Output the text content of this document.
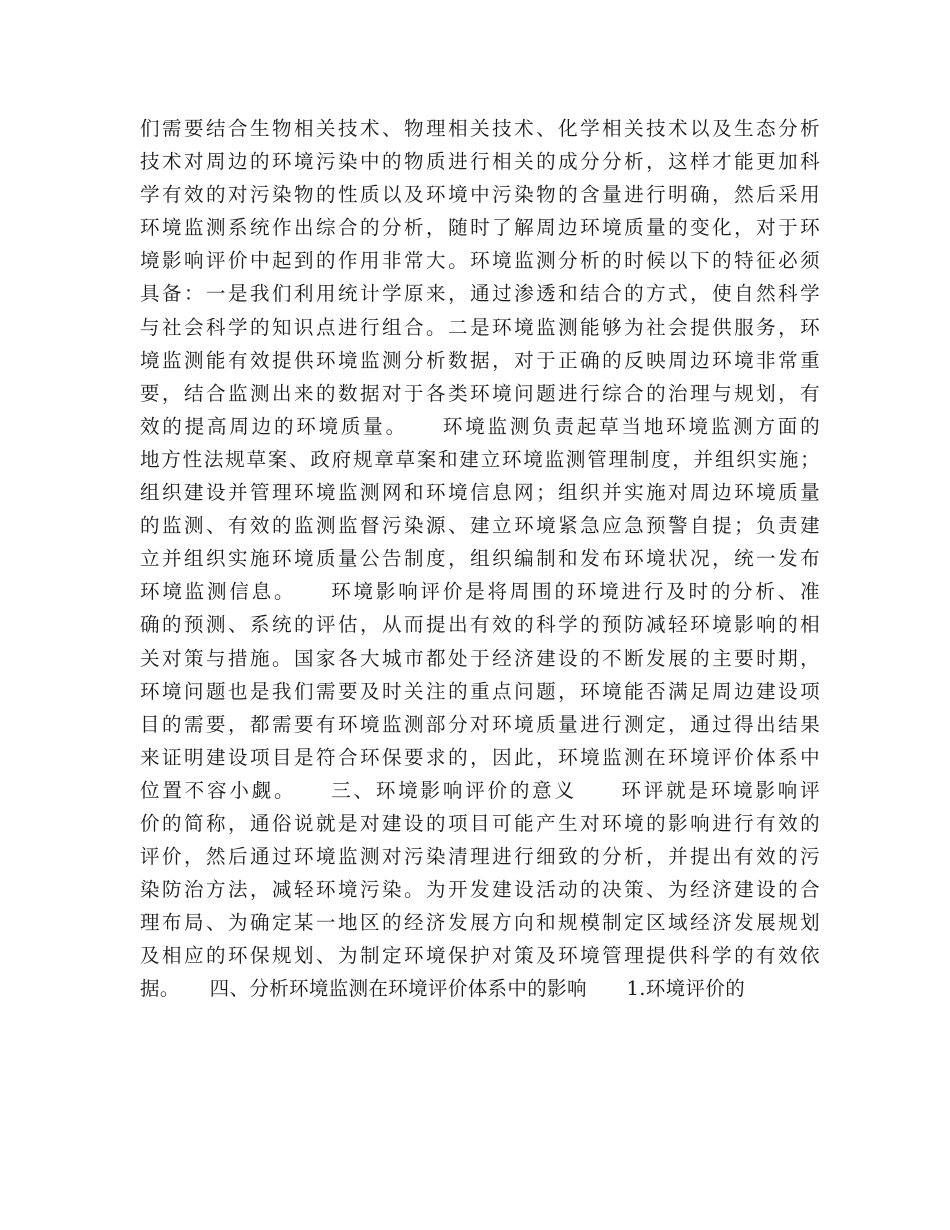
们需要结合生物相关技术、物理相关技术、化学相关技术以及生态分析
技术对周边的环境污染中的物质进行相关的成分分析，这样才能更加科
学有效的对污染物的性质以及环境中污染物的含量进行明确，然后采用
环境监测系统作出综合的分析，随时了解周边环境质量的变化，对于环
境影响评价中起到的作用非常大。环境监测分析的时候以下的特征必须
具备：一是我们利用统计学原来，通过渗透和结合的方式，使自然科学
与社会科学的知识点进行组合。二是环境监测能够为社会提供服务，环
境监测能有效提供环境监测分析数据，对于正确的反映周边环境非常重
要，结合监测出来的数据对于各类环境问题进行综合的治理与规划，有
效的提高周边的环境质量。　　环境监测负责起草当地环境监测方面的
地方性法规草案、政府规章草案和建立环境监测管理制度，并组织实施；
组织建设并管理环境监测网和环境信息网；组织并实施对周边环境质量
的监测、有效的监测监督污染源、建立环境紧急应急预警自提；负责建
立并组织实施环境质量公告制度，组织编制和发布环境状况，统一发布
环境监测信息。　　环境影响评价是将周围的环境进行及时的分析、准
确的预测、系统的评估，从而提出有效的科学的预防减轻环境影响的相
关对策与措施。国家各大城市都处于经济建设的不断发展的主要时期，
环境问题也是我们需要及时关注的重点问题，环境能否满足周边建设项
目的需要，都需要有环境监测部分对环境质量进行测定，通过得出结果
来证明建设项目是符合环保要求的，因此，环境监测在环境评价体系中
位置不容小觑。　　三、环境影响评价的意义　　环评就是环境影响评
价的简称，通俗说就是对建设的项目可能产生对环境的影响进行有效的
评价，然后通过环境监测对污染清理进行细致的分析，并提出有效的污
染防治方法，减轻环境污染。为开发建设活动的决策、为经济建设的合
理布局、为确定某一地区的经济发展方向和规模制定区域经济发展规划
及相应的环保规划、为制定环境保护对策及环境管理提供科学的有效依
据。　　四、分析环境监测在环境评价体系中的影响　　1.环境评价的
